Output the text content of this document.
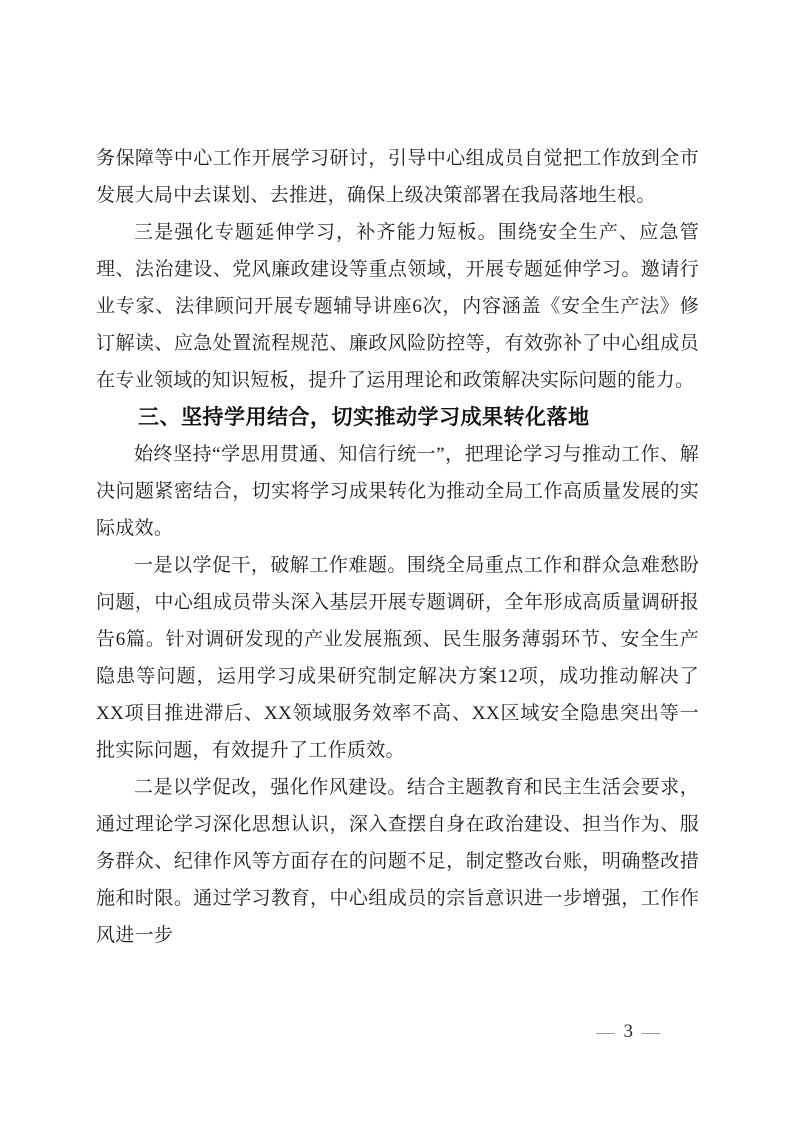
务保障等中心工作开展学习研讨，引导中心组成员自觉把工作放到全市发展大局中去谋划、去推进，确保上级决策部署在我局落地生根。

三是强化专题延伸学习，补齐能力短板。围绕安全生产、应急管理、法治建设、党风廉政建设等重点领域，开展专题延伸学习。邀请行业专家、法律顾问开展专题辅导讲座6次，内容涵盖《安全生产法》修订解读、应急处置流程规范、廉政风险防控等，有效弥补了中心组成员在专业领域的知识短板，提升了运用理论和政策解决实际问题的能力。

三、坚持学用结合，切实推动学习成果转化落地

始终坚持“学思用贯通、知信行统一”，把理论学习与推动工作、解决问题紧密结合，切实将学习成果转化为推动全局工作高质量发展的实际成效。

一是以学促干，破解工作难题。围绕全局重点工作和群众急难愁盼问题，中心组成员带头深入基层开展专题调研，全年形成高质量调研报告6篇。针对调研发现的产业发展瓶颈、民生服务薄弱环节、安全生产隐患等问题，运用学习成果研究制定解决方案12项，成功推动解决了XX项目推进滞后、XX领域服务效率不高、XX区域安全隐患突出等一批实际问题，有效提升了工作质效。

二是以学促改，强化作风建设。结合主题教育和民主生活会要求，通过理论学习深化思想认识，深入查摆自身在政治建设、担当作为、服务群众、纪律作风等方面存在的问题不足，制定整改台账，明确整改措施和时限。通过学习教育，中心组成员的宗旨意识进一步增强，工作作风进一步

— 3 —
